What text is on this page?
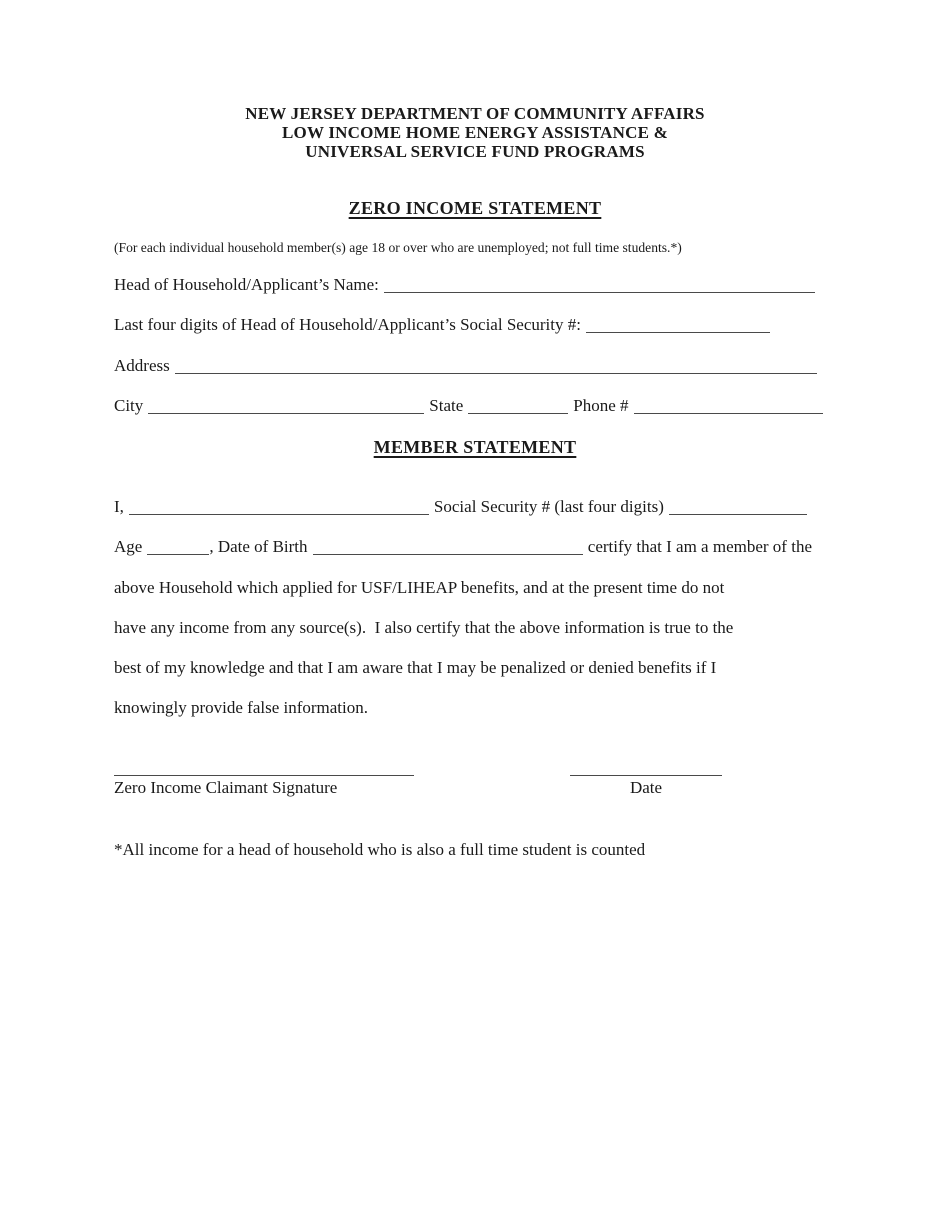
NEW JERSEY DEPARTMENT OF COMMUNITY AFFAIRS
LOW INCOME HOME ENERGY ASSISTANCE &
UNIVERSAL SERVICE FUND PROGRAMS
ZERO INCOME STATEMENT
(For each individual household member(s) age 18 or over who are unemployed; not full time students.*)
Head of Household/Applicant’s Name:
Last four digits of Head of Household/Applicant’s Social Security #:
Address
City	State	Phone #
MEMBER STATEMENT
I,	Social Security # (last four digits)
Age	, Date of Birth	certify that I am a member of the
above Household which applied for USF/LIHEAP benefits, and at the present time do not
have any income from any source(s).  I also certify that the above information is true to the
best of my knowledge and that I am aware that I may be penalized or denied benefits if I
knowingly provide false information.
Zero Income Claimant Signature	Date
*All income for a head of household who is also a full time student is counted
